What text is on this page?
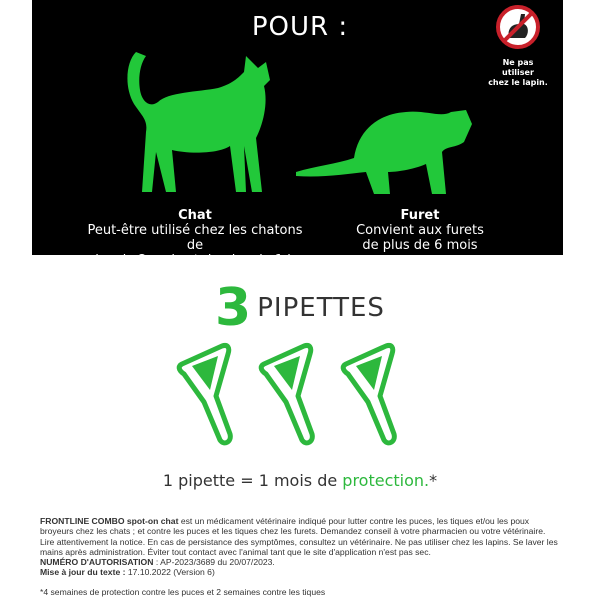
POUR :
Ne pas utiliser
chez le lapin.
Chat
Peut-être utilisé chez les chatons de
plus de 2 mois et de plus de 1 kg
Furet
Convient aux furets
de plus de 6 mois
3 PIPETTES
1 pipette = 1 mois de protection.*
FRONTLINE COMBO spot-on chat est un médicament vétérinaire indiqué pour lutter contre les puces, les tiques et/ou les poux broyeurs chez les chats ; et contre les puces et les tiques chez les furets. Demandez conseil à votre pharmacien ou votre vétérinaire. Lire attentivement la notice. En cas de persistance des symptômes, consultez un vétérinaire. Ne pas utiliser chez les lapins. Se laver les mains après administration. Éviter tout contact avec l'animal tant que le site d'application n'est pas sec.
NUMÉRO D'AUTORISATION : AP-2023/3689 du 20/07/2023.
Mise à jour du texte : 17.10.2022 (Version 6)
*4 semaines de protection contre les puces et 2 semaines contre les tiques
